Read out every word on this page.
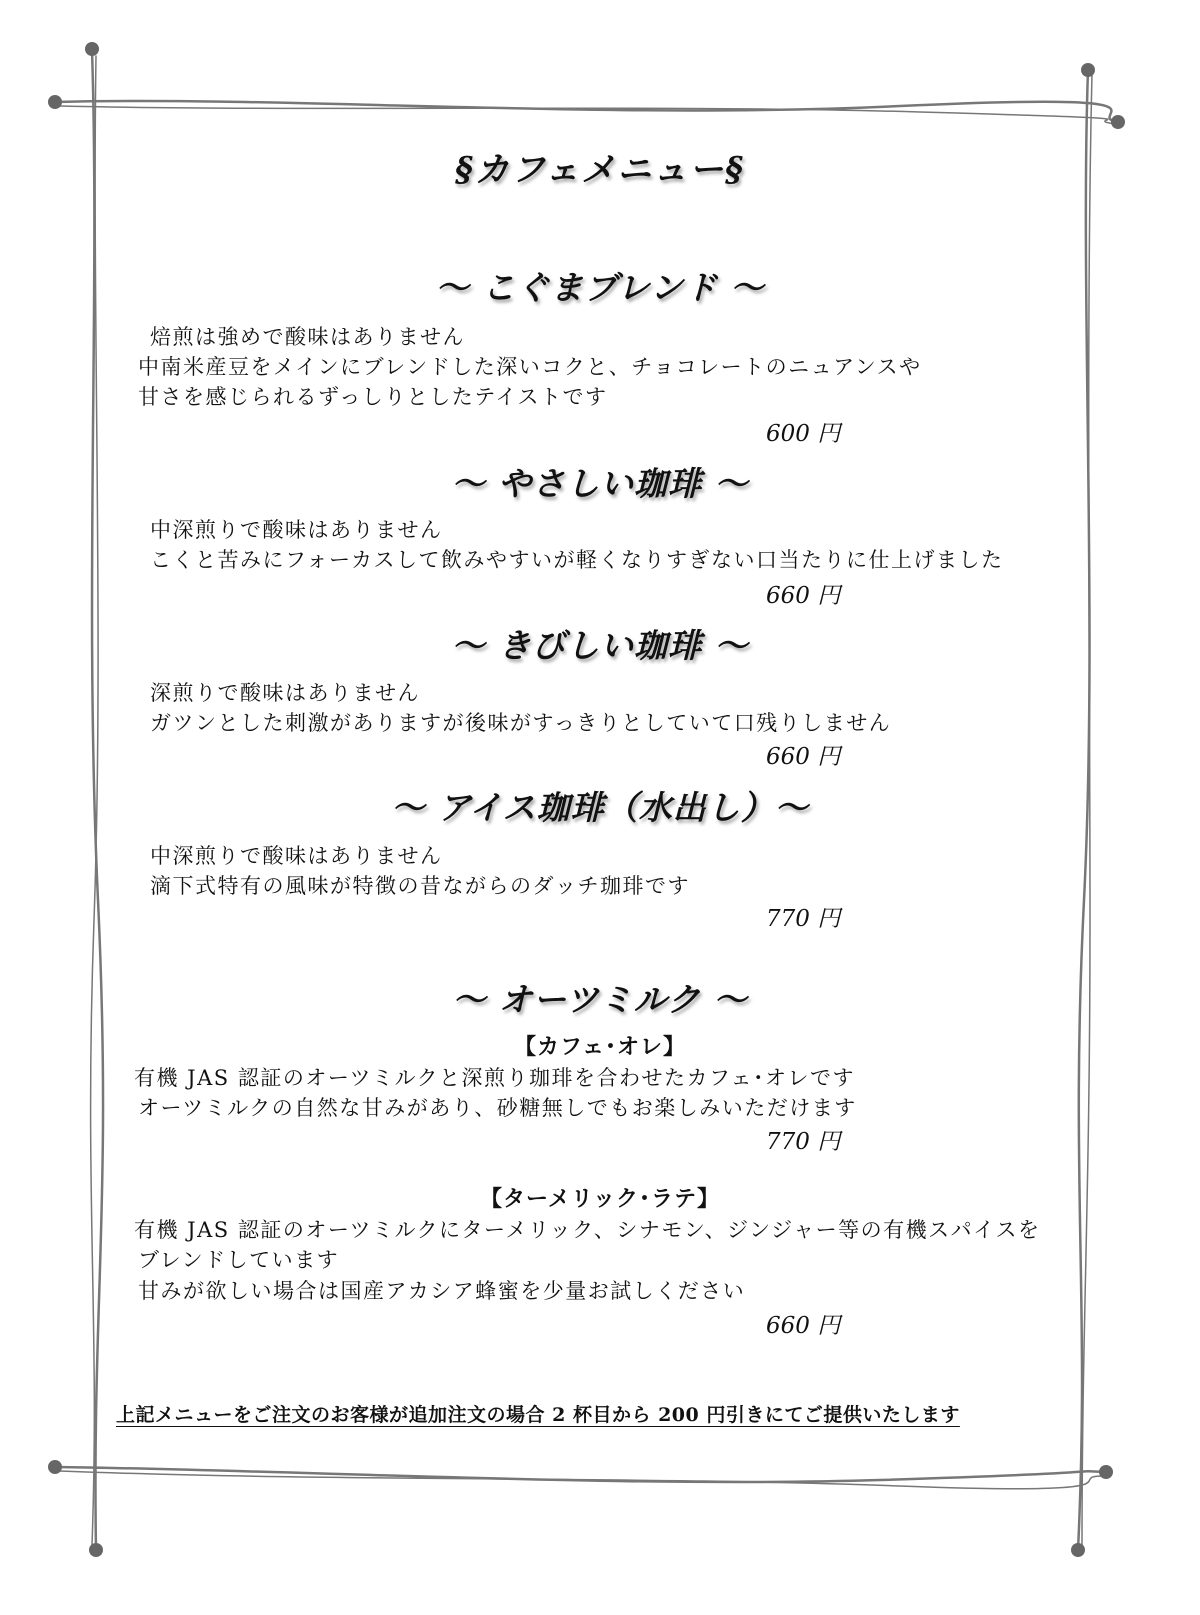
§カフェメニュー§
～ こぐまブレンド ～
焙煎は強めで酸味はありません
中南米産豆をメインにブレンドした深いコクと、チョコレートのニュアンスや
甘さを感じられるずっしりとしたテイストです
600 円
～ やさしい珈琲 ～
中深煎りで酸味はありません
こくと苦みにフォーカスして飲みやすいが軽くなりすぎない口当たりに仕上げました
660 円
～ きびしい珈琲 ～
深煎りで酸味はありません
ガツンとした刺激がありますが後味がすっきりとしていて口残りしません
660 円
～ アイス珈琲（水出し）～
中深煎りで酸味はありません
滴下式特有の風味が特徴の昔ながらのダッチ珈琲です
770 円
～ オーツミルク ～
【カフェ･オレ】
有機 JAS 認証のオーツミルクと深煎り珈琲を合わせたカフェ･オレです
オーツミルクの自然な甘みがあり、砂糖無しでもお楽しみいただけます
770 円
【ターメリック･ラテ】
有機 JAS 認証のオーツミルクにターメリック、シナモン、ジンジャー等の有機スパイスを
ブレンドしています
甘みが欲しい場合は国産アカシア蜂蜜を少量お試しください
660 円
上記メニューをご注文のお客様が追加注文の場合 2 杯目から 200 円引きにてご提供いたします
